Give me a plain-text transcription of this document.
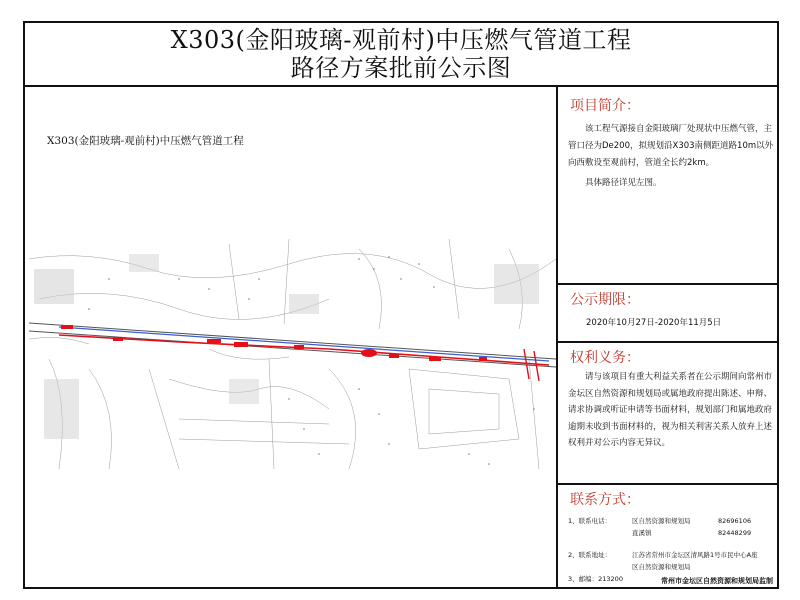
X303(金阳玻璃-观前村)中压燃气管道工程
路径方案批前公示图
X303(金阳玻璃-观前村)中压燃气管道工程
项目简介：
该工程气源接自金阳玻璃厂处现状中压燃气管，主管口径为De200，拟规划沿X303南侧距道路10m以外向西敷设至观前村，管道全长约2km。
具体路径详见左图。
公示期限：
2020年10月27日-2020年11月5日
权利义务：
请与该项目有重大利益关系者在公示期间向常州市金坛区自然资源和规划局或属地政府提出陈述、申辩、请求协调或听证申请等书面材料，规划部门和属地政府逾期未收到书面材料的，视为相关利害关系人放弃上述权利并对公示内容无异议。
联系方式：
1、联系电话：	区自然资源和规划局	82696106
直溪镇	82448299
2、联系地址：	江苏省常州市金坛区清风路1号市民中心A座
区自然资源和规划局
3、邮编：213200	常州市金坛区自然资源和规划局监制
